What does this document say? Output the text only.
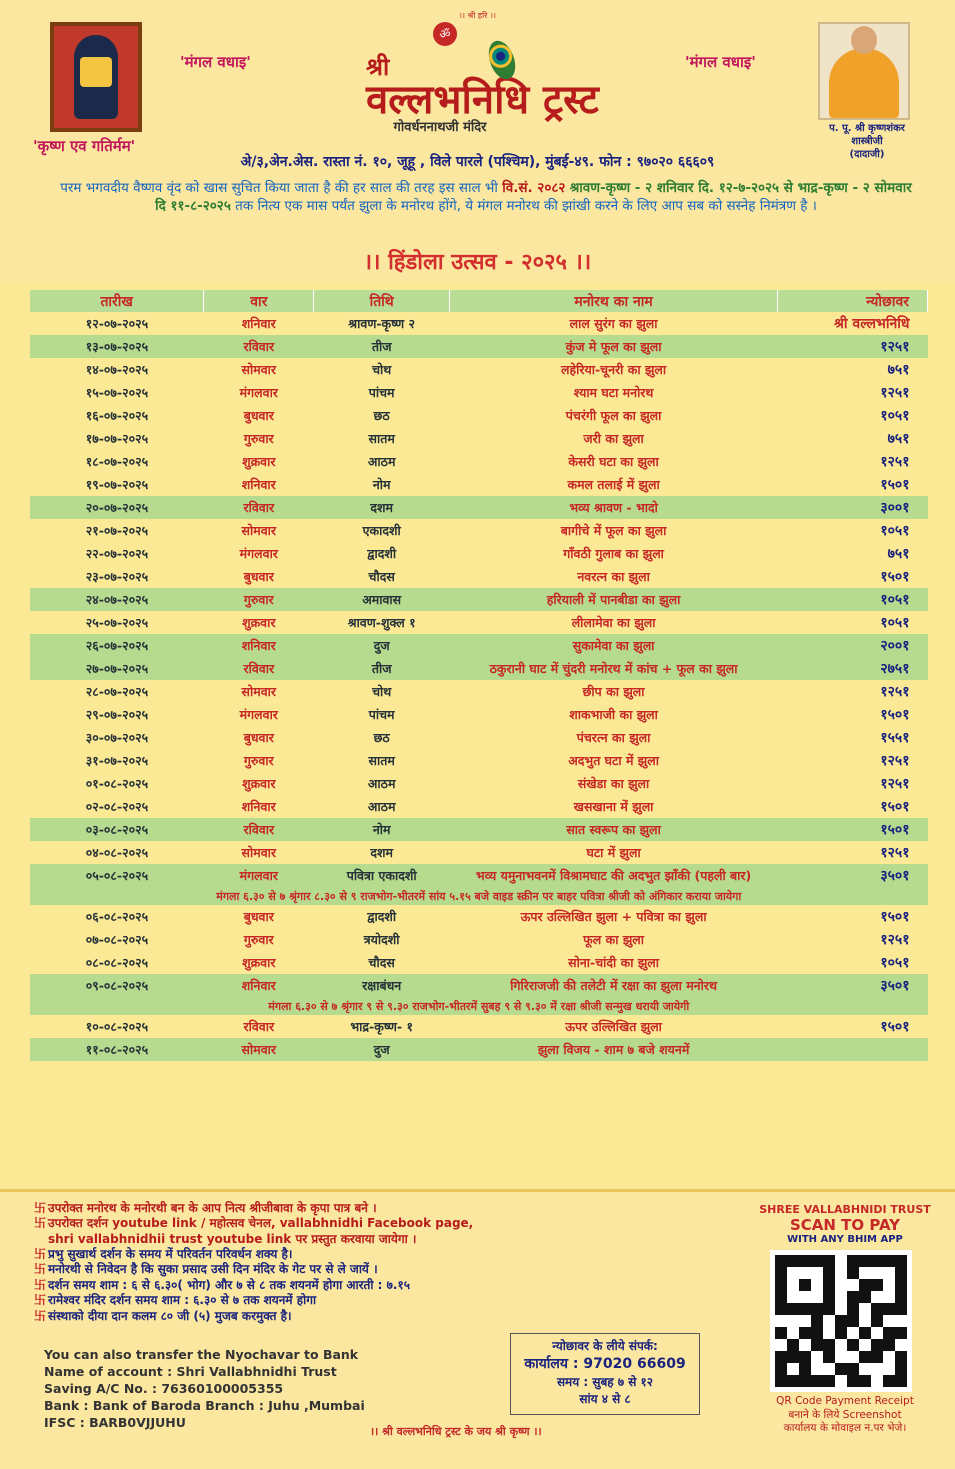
।। श्री हरि ।।
ॐ
'कृष्ण एव गतिर्मम'
'मंगल वधाइ'	'मंगल वधाइ'
श्री
वल्लभनिधि ट्रस्ट
गोवर्धननाथजी मंदिर	प. पू. श्री कृष्णशंकर शास्त्रीजी
(दादाजी)
अे/३,अेन.अेस. रास्ता नं. १०, जूहू , विले पारले (पश्चिम), मुंबई-४९. फोन : ९७०२० ६६६०९
परम भगवदीय वैष्णव वृंद को खास सुचित किया जाता है की हर साल की तरह इस साल भी वि.सं. २०८२ श्रावण-कृष्ण - २ शनिवार दि. १२-७-२०२५ से भाद्र-कृष्ण - २ सोमवार दि ११-८-२०२५ तक नित्य एक मास पर्यंत झुला के मनोरथ होंगे, ये मंगल मनोरथ की झांखी करने के लिए आप सब को सस्नेह निमंत्रण है ।
।। हिंडोला उत्सव - २०२५ ।।
तारीख	वार	तिथि	मनोरथ का नाम	न्योछावर
१२-०७-२०२५	शनिवार	श्रावण-कृष्ण २	लाल सुरंग का झुला	श्री वल्लभनिधि
१३-०७-२०२५	रविवार	तीज	कुंज मे फूल का झुला	१२५१
१४-०७-२०२५	सोमवार	चोथ	लहेरिया-चूनरी का झुला	७५१
१५-०७-२०२५	मंगलवार	पांचम	श्याम घटा मनोरथ	१२५१
१६-०७-२०२५	बुधवार	छठ	पंचरंगी फूल का झुला	१०५१
१७-०७-२०२५	गुरुवार	सातम	जरी का झुला	७५१
१८-०७-२०२५	शुक्रवार	आठम	केसरी घटा का झुला	१२५१
१९-०७-२०२५	शनिवार	नोम	कमल तलाई में झुला	१५०१
२०-०७-२०२५	रविवार	दशम	भव्य श्रावण - भादो	३००१
२१-०७-२०२५	सोमवार	एकादशी	बागीचे में फूल का झुला	१०५१
२२-०७-२०२५	मंगलवार	द्वादशी	गाँवठी गुलाब का झुला	७५१
२३-०७-२०२५	बुधवार	चौदस	नवरत्न का झुला	१५०१
२४-०७-२०२५	गुरुवार	अमावास	हरियाली में पानबीडा का झुला	१०५१
२५-०७-२०२५	शुक्रवार	श्रावण-शुक्ल १	लीलामेवा का झुला	१०५१
२६-०७-२०२५	शनिवार	दुज	सुकामेवा का झुला	२००१
२७-०७-२०२५	रविवार	तीज	ठकुरानी घाट में चुंदरी मनोरथ में कांच + फूल का झुला	२७५१
२८-०७-२०२५	सोमवार	चोथ	छीप का झुला	१२५१
२९-०७-२०२५	मंगलवार	पांचम	शाकभाजी का झुला	१५०१
३०-०७-२०२५	बुधवार	छठ	पंचरत्न का झुला	१५५१
३१-०७-२०२५	गुरुवार	सातम	अदभुत घटा में झुला	१२५१
०१-०८-२०२५	शुक्रवार	आठम	संखेडा का झुला	१२५१
०२-०८-२०२५	शनिवार	आठम	खसखाना में झुला	१५०१
०३-०८-२०२५	रविवार	नोम	सात स्वरूप का झुला	१५०१
०४-०८-२०२५	सोमवार	दशम	घटा में झुला	१२५१
०५-०८-२०२५	मंगलवार	पवित्रा एकादशी	भव्य यमुनाभवनमें विश्रामघाट की अदभुत झाँकी (पहली बार)	३५०१
मंगला ६.३० से ७ श्रृंगार ८.३० से ९ राजभोग-भीतरमें सांय ५.१५ बजे वाइड स्क्रीन पर बाहर पवित्रा श्रीजी को अंगिकार कराया जायेगा				
०६-०८-२०२५	बुधवार	द्वादशी	ऊपर उल्लिखित झुला + पवित्रा का झुला	१५०१
०७-०८-२०२५	गुरुवार	त्रयोदशी	फूल का झुला	१२५१
०८-०८-२०२५	शुक्रवार	चौदस	सोना-चांदी का झुला	१०५१
०९-०८-२०२५	शनिवार	रक्षाबंधन	गिरिराजजी की तलेटी में रक्षा का झुला मनोरथ	३५०१
मंगला ६.३० से ७ श्रृंगार ९ से ९.३० राजभोग-भीतरमें सुबह ९ से ९.३० में रक्षा श्रीजी सन्मुख धरायी जायेगी				
१०-०८-२०२५	रविवार	भाद्र-कृष्ण- १	ऊपर उल्लिखित झुला	१५०१
११-०८-२०२५	सोमवार	दुज	झुला विजय - शाम ७ बजे शयनमें	

卐 उपरोक्त मनोरथ के मनोरथी बन के आप नित्य श्रीजीबावा के कृपा पात्र बने ।

卐 उपरोक्त दर्शन youtube link / महोत्सव चेनल, vallabhnidhi Facebook page,

shri vallabhnidhii trust youtube link पर प्रस्तुत करवाया जायेगा ।

卐 प्रभु सुखार्थ दर्शन के समय में परिवर्तन परिवर्धन शक्य है।

卐 मनोरथी से निवेदन है कि सुका प्रसाद उसी दिन मंदिर के गेट पर से ले जायें ।

卐 दर्शन समय शाम : ६ से ६.३०( भोग) और ७ से ८ तक शयनमें होगा आरती : ७.१५

卐 रामेश्वर मंदिर दर्शन समय शाम : ६.३० से ७ तक शयनमें होगा

卐 संस्थाको दीया दान कलम ८० जी (५) मुजब करमुक्त है।

You can also transfer the Nyochavar to Bank
Name of account : Shri Vallabhnidhi Trust
Saving A/C No. : 76360100005355
Bank : Bank of Baroda Branch : Juhu ,Mumbai
IFSC : BARB0VJJUHU
न्योछावर के लीये संपर्क:
कार्यालय : 97020 66609
समय : सुबह ७ से १२
सांय ४ से ८
।। श्री वल्लभनिधि ट्रस्ट के जय श्री कृष्ण ।।
SHREE VALLABHNIDI TRUST
SCAN TO PAY
WITH ANY BHIM APP
QR Code Payment Receipt
बनाने के लिये Screenshot
कार्यालय के मोवाइल न.पर भेजे।
